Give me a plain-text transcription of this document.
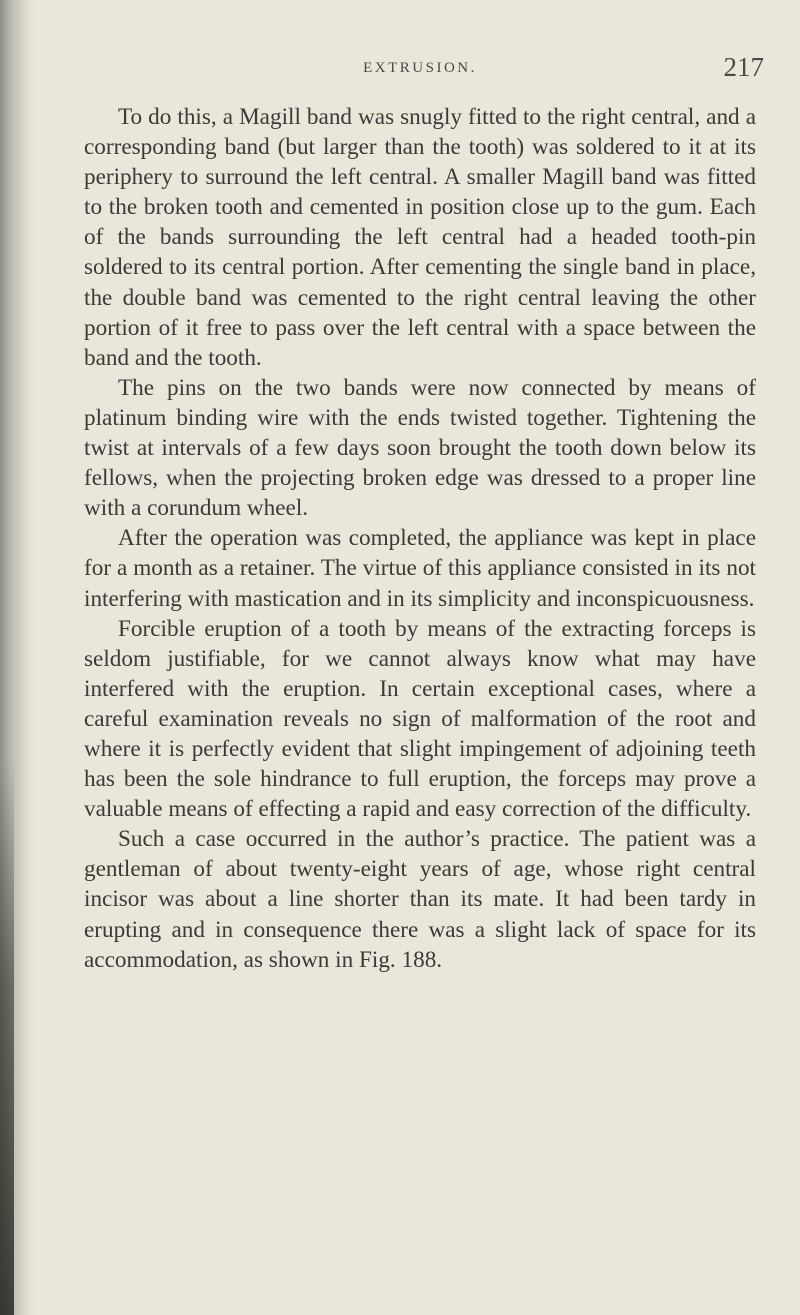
EXTRUSION.	217

To do this, a Magill band was snugly fitted to the right central, and a corresponding band (but larger than the tooth) was soldered to it at its periphery to surround the left central. A smaller Magill band was fitted to the broken tooth and cemented in position close up to the gum. Each of the bands surrounding the left central had a headed tooth-pin soldered to its central portion. After cementing the single band in place, the double band was cemented to the right central leaving the other portion of it free to pass over the left central with a space between the band and the tooth.

The pins on the two bands were now connected by means of platinum binding wire with the ends twisted together. Tightening the twist at intervals of a few days soon brought the tooth down below its fellows, when the projecting broken edge was dressed to a proper line with a corundum wheel.

After the operation was completed, the appliance was kept in place for a month as a retainer. The virtue of this appliance consisted in its not interfering with mastication and in its simplicity and inconspicuousness.

Forcible eruption of a tooth by means of the extracting forceps is seldom justifiable, for we cannot always know what may have interfered with the eruption. In certain exceptional cases, where a careful examination reveals no sign of malformation of the root and where it is perfectly evident that slight impingement of adjoining teeth has been the sole hindrance to full eruption, the forceps may prove a valuable means of effecting a rapid and easy correction of the difficulty.

Such a case occurred in the author’s practice. The patient was a gentleman of about twenty-eight years of age, whose right central incisor was about a line shorter than its mate. It had been tardy in erupting and in consequence there was a slight lack of space for its accommodation, as shown in Fig. 188.
